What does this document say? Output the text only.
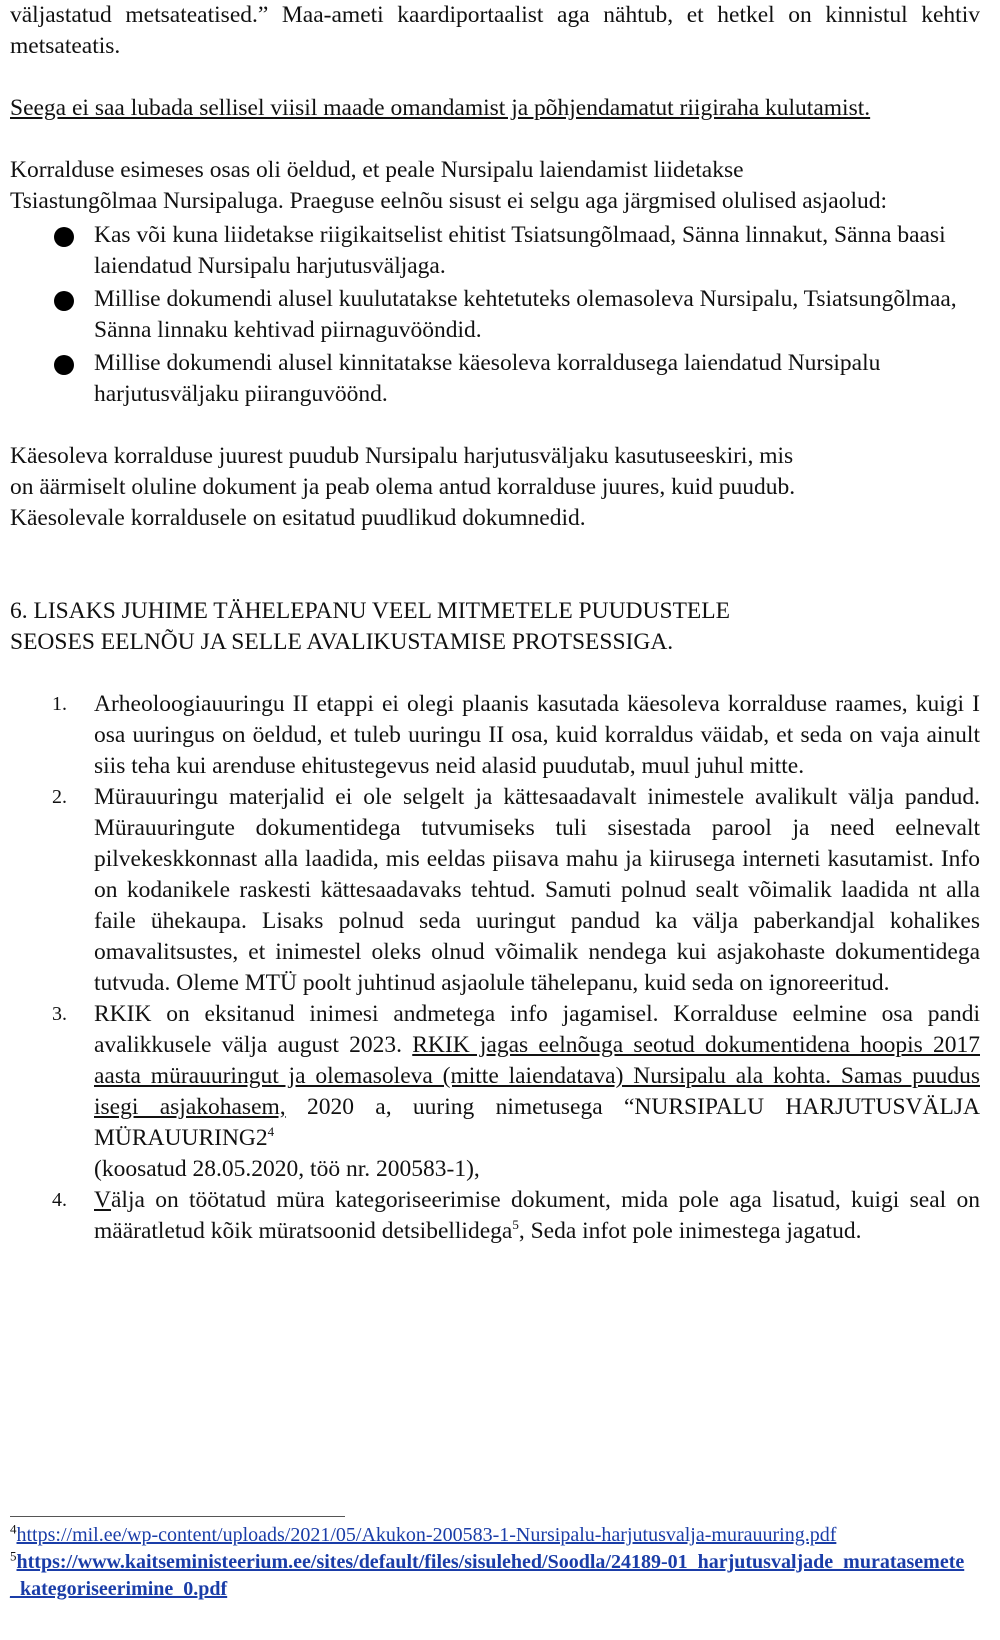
väljastatud metsateatised.” Maa-ameti kaardiportaalist aga nähtub, et hetkel on kinnistul kehtiv metsateatis.

Seega ei saa lubada sellisel viisil maade omandamist ja põhjendamatut riigiraha kulutamist.

Korralduse esimeses osas oli öeldud, et peale Nursipalu laiendamist liidetakse

Tsiastungõlmaa Nursipaluga. Praeguse eelnõu sisust ei selgu aga järgmised olulised asjaolud:

Kas või kuna liidetakse riigikaitselist ehitist Tsiatsungõlmaad, Sänna linnakut, Sänna baasi laiendatud Nursipalu harjutusväljaga.
Millise dokumendi alusel kuulutatakse kehtetuteks olemasoleva Nursipalu, Tsiatsungõlmaa, Sänna linnaku kehtivad piirnaguvööndid.
Millise dokumendi alusel kinnitatakse käesoleva korraldusega laiendatud Nursipalu harjutusväljaku piiranguvöönd.

Käesoleva korralduse juurest puudub Nursipalu harjutusväljaku kasutuseeskiri, mis

on äärmiselt oluline dokument ja peab olema antud korralduse juures, kuid puudub.

Käesolevale korraldusele on esitatud puudlikud dokumnedid.

6. LISAKS JUHIME TÄHELEPANU VEEL MITMETELE PUUDUSTELE

SEOSES EELNÕU JA SELLE AVALIKUSTAMISE PROTSESSIGA.

1. Arheoloogiauuringu II etappi ei olegi plaanis kasutada käesoleva korralduse raames, kuigi I osa uuringus on öeldud, et tuleb uuringu II osa, kuid korraldus väidab, et seda on vaja ainult siis teha kui arenduse ehitustegevus neid alasid puudutab, muul juhul mitte.
2. Mürauuringu materjalid ei ole selgelt ja kättesaadavalt inimestele avalikult välja pandud. Mürauuringute dokumentidega tutvumiseks tuli sisestada parool ja need eelnevalt pilvekeskkonnast alla laadida, mis eeldas piisava mahu ja kiirusega interneti kasutamist. Info on kodanikele raskesti kättesaadavaks tehtud. Samuti polnud sealt võimalik laadida nt alla faile ühekaupa. Lisaks polnud seda uuringut pandud ka välja paberkandjal kohalikes omavalitsustes, et inimestel oleks olnud võimalik nendega kui asjakohaste dokumentidega tutvuda. Oleme MTÜ poolt juhtinud asjaolule tähelepanu, kuid seda on ignoreeritud.
3. RKIK on eksitanud inimesi andmetega info jagamisel. Korralduse eelmine osa pandi avalikkusele välja august 2023. RKIK jagas eelnõuga seotud dokumentidena hoopis 2017 aasta mürauuringut ja olemasoleva (mitte laiendatava) Nursipalu ala kohta. Samas puudus isegi asjakohasem, 2020 a, uuring nimetusega “NURSIPALU HARJUTUSVÄLJA $MÜRAUURING2^4$
(koosatud 28.05.2020, töö nr. 200583-1),
4. Välja on töötatud müra kategoriseerimise dokument, mida pole aga lisatud, kuigi seal on määratletud kõik müratsoonid detsibellidega$^5$, Seda infot pole inimestega jagatud.

$^4$https://mil.ee/wp-content/uploads/2021/05/Akukon-200583-1-Nursipalu-harjutusvalja-murauuring.pdf

$^5$https://www.kaitseministeerium.ee/sites/default/files/sisulehed/Soodla/24189-01_harjutusvaljade_muratasemete_kategoriseerimine_0.pdf
